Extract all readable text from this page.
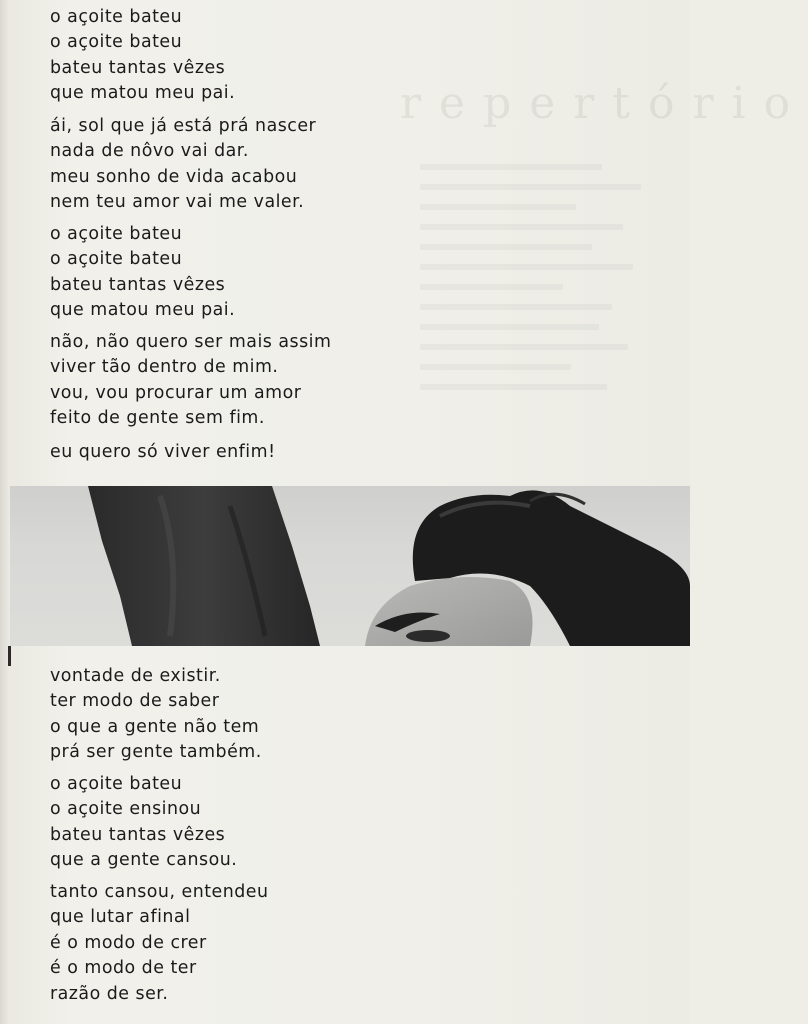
repertório
o açoite bateu
o açoite bateu
bateu tantas vêzes
que matou meu pai.
ái, sol que já está prá nascer
nada de nôvo vai dar.
meu sonho de vida acabou
nem teu amor vai me valer.
o açoite bateu
o açoite bateu
bateu tantas vêzes
que matou meu pai.
não, não quero ser mais assim
viver tão dentro de mim.
vou, vou procurar um amor
feito de gente sem fim.
eu quero só viver enfim!
vontade de existir.
ter modo de saber
o que a gente não tem
prá ser gente também.
o açoite bateu
o açoite ensinou
bateu tantas vêzes
que a gente cansou.
tanto cansou, entendeu
que lutar afinal
é o modo de crer
é o modo de ter
razão de ser.
